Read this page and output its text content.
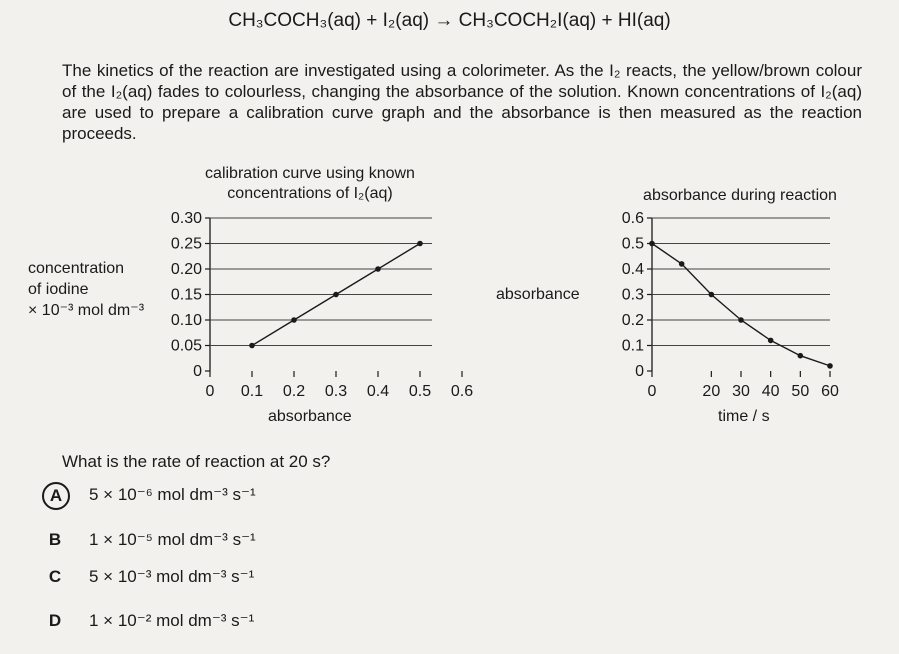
CH₃COCH₃(aq) + I₂(aq) → CH₃COCH₂I(aq) + HI(aq)
The kinetics of the reaction are investigated using a colorimeter. As the I₂ reacts, the yellow/brown colour of the I₂(aq) fades to colourless, changing the absorbance of the solution. Known concentrations of I₂(aq) are used to prepare a calibration curve graph and the absorbance is then measured as the reaction proceeds.
calibration curve using known
concentrations of I₂(aq)
concentration
of iodine
× 10⁻³ mol dm⁻³
absorbance
absorbance during reaction
absorbance
time / s
0
0.05
0.10
0.15
0.20
0.25
0.30
0 0.1 0.2 0.3 0.4 0.5 0.6
0
0.1
0.2
0.3
0.4
0.5
0.6
0	20 30 40 50 60
What is the rate of reaction at 20 s?
A	5 × 10⁻⁶ mol dm⁻³ s⁻¹
B	1 × 10⁻⁵ mol dm⁻³ s⁻¹
C	5 × 10⁻³ mol dm⁻³ s⁻¹
D	1 × 10⁻² mol dm⁻³ s⁻¹
